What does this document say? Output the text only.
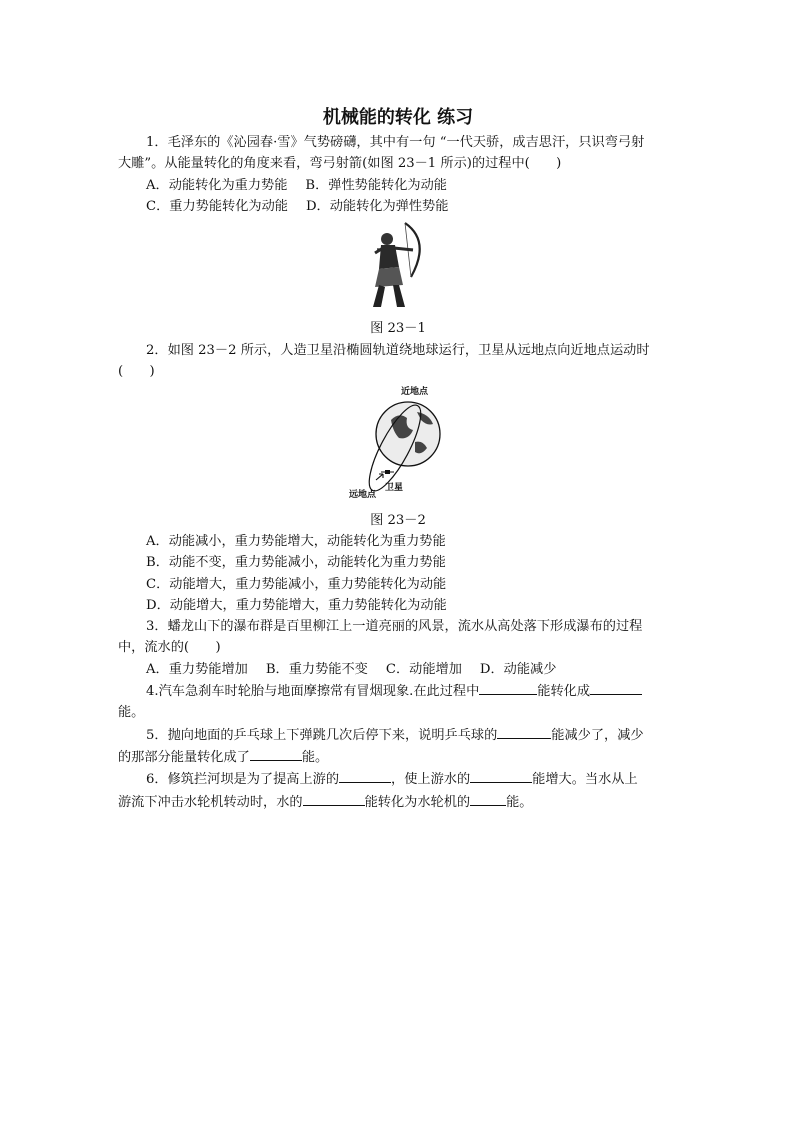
机械能的转化 练习

1．毛泽东的《沁园春·雪》气势磅礴，其中有一句 “一代天骄，成吉思汗，只识弯弓射

大雕”。从能量转化的角度来看，弯弓射箭(如图 23－1 所示)的过程中(　　)

A．动能转化为重力势能 B．弹性势能转化为动能

C．重力势能转化为动能 D．动能转化为弹性势能

图 23－1

2．如图 23－2 所示，人造卫星沿椭圆轨道绕地球运行，卫星从远地点向近地点运动时

(　　)

近地点
远地点
卫星

图 23－2

A．动能减小，重力势能增大，动能转化为重力势能

B．动能不变，重力势能减小，动能转化为重力势能

C．动能增大，重力势能减小，重力势能转化为动能

D．动能增大，重力势能增大，重力势能转化为动能

3．蟠龙山下的瀑布群是百里柳江上一道亮丽的风景，流水从高处落下形成瀑布的过程

中，流水的(　　)

A．重力势能增加 B．重力势能不变 C．动能增加 D．动能减少

4.汽车急刹车时轮胎与地面摩擦常有冒烟现象.在此过程中	能转化成

能。

5．抛向地面的乒乓球上下弹跳几次后停下来，说明乒乓球的	能减少了，减少

的那部分能量转化成了	能。

6．修筑拦河坝是为了提高上游的	，使上游水的	能增大。当水从上

游流下冲击水轮机转动时，水的	能转化为水轮机的	能。
